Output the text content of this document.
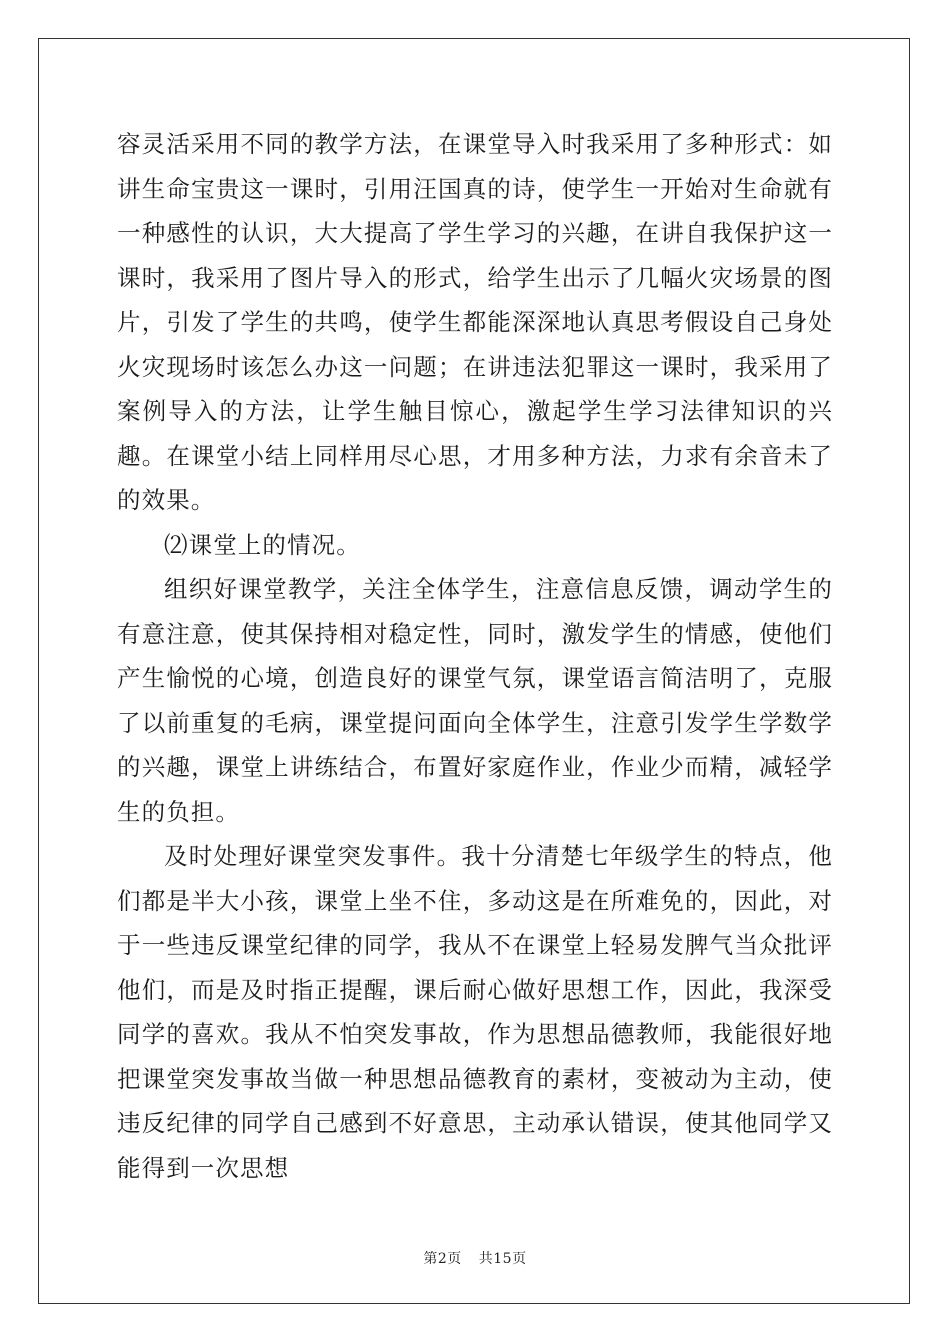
容灵活采用不同的教学方法，在课堂导入时我采用了多种形式：如讲生命宝贵这一课时，引用汪国真的诗，使学生一开始对生命就有一种感性的认识，大大提高了学生学习的兴趣，在讲自我保护这一课时，我采用了图片导入的形式，给学生出示了几幅火灾场景的图片，引发了学生的共鸣，使学生都能深深地认真思考假设自己身处火灾现场时该怎么办这一问题；在讲违法犯罪这一课时，我采用了案例导入的方法，让学生触目惊心，激起学生学习法律知识的兴趣。在课堂小结上同样用尽心思，才用多种方法，力求有余音未了的效果。

⑵课堂上的情况。

组织好课堂教学，关注全体学生，注意信息反馈，调动学生的有意注意，使其保持相对稳定性，同时，激发学生的情感，使他们产生愉悦的心境，创造良好的课堂气氛，课堂语言简洁明了，克服了以前重复的毛病，课堂提问面向全体学生，注意引发学生学数学的兴趣，课堂上讲练结合，布置好家庭作业，作业少而精，减轻学生的负担。

及时处理好课堂突发事件。我十分清楚七年级学生的特点，他们都是半大小孩，课堂上坐不住，多动这是在所难免的，因此，对于一些违反课堂纪律的同学，我从不在课堂上轻易发脾气当众批评他们，而是及时指正提醒，课后耐心做好思想工作，因此，我深受同学的喜欢。我从不怕突发事故，作为思想品德教师，我能很好地把课堂突发事故当做一种思想品德教育的素材，变被动为主动，使违反纪律的同学自己感到不好意思，主动承认错误，使其他同学又能得到一次思想

第2页 共15页
